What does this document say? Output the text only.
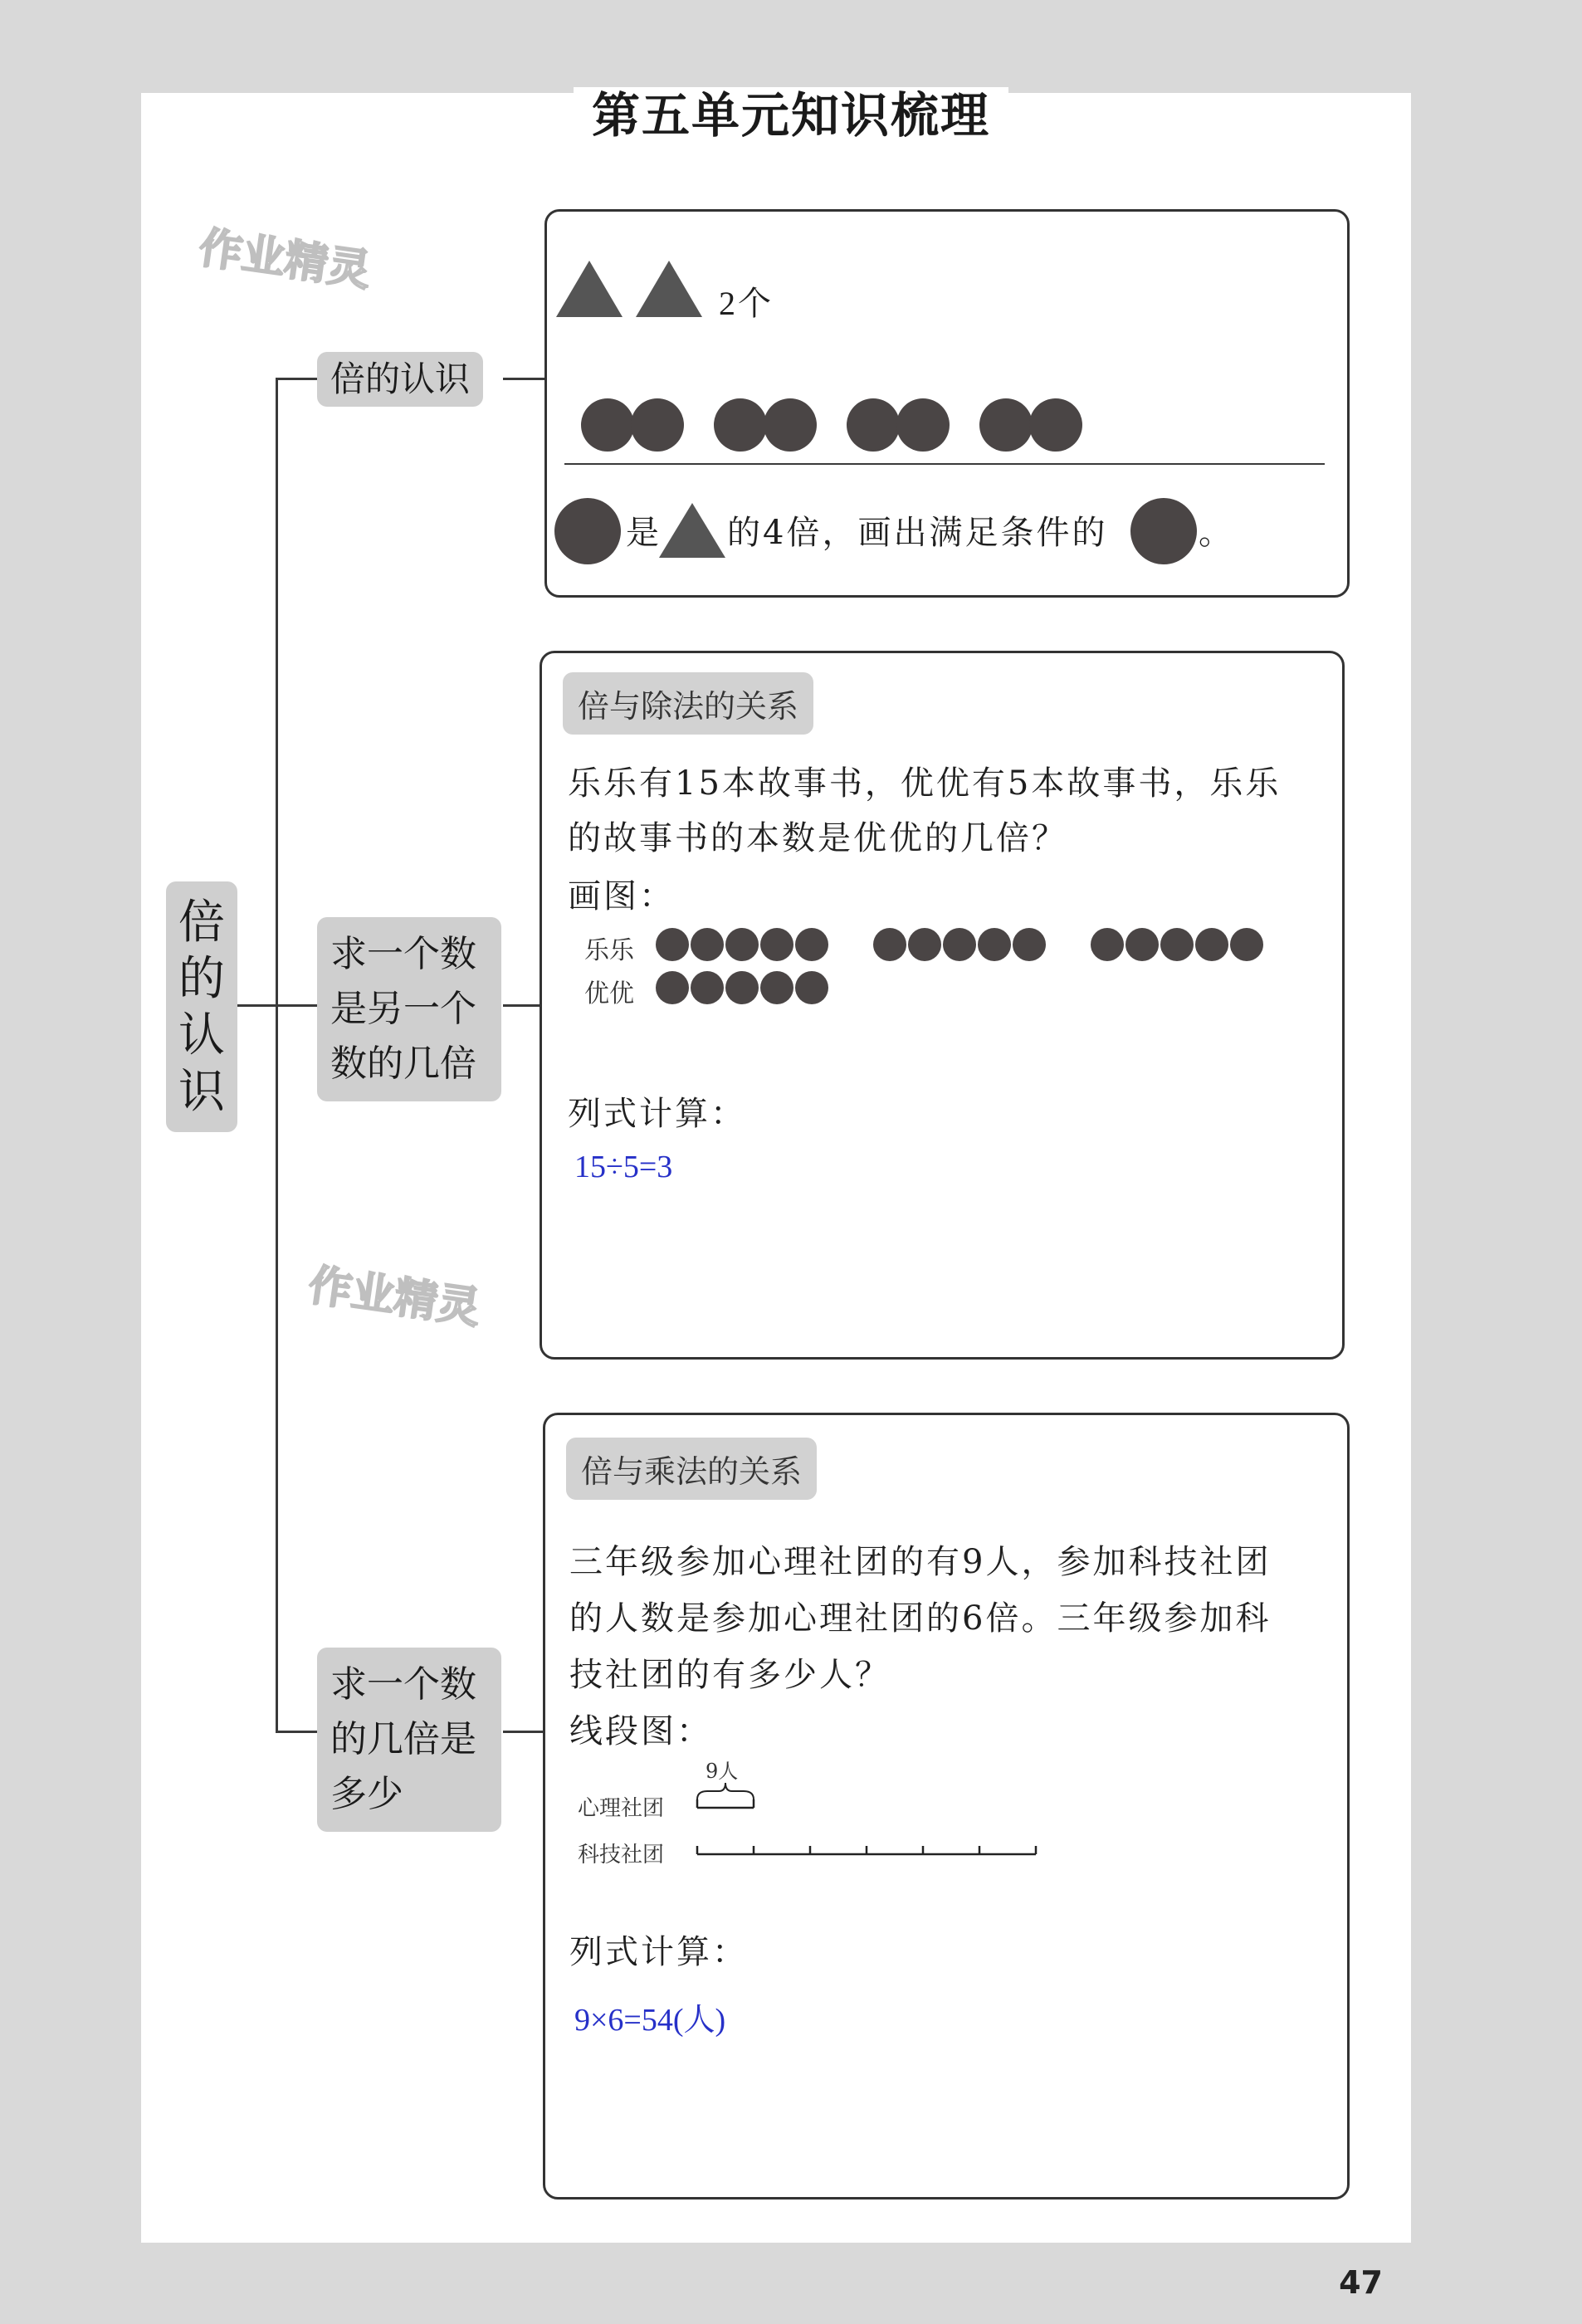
第五单元知识梳理
作业精灵
作业精灵
倍
的
认
识
倍的认识
求一个数
是另一个
数的几倍
求一个数
的几倍是
多少
2个
是 的4倍，画出满足条件的	。
倍与除法的关系
乐乐有15本故事书，优优有5本故事书，乐乐
的故事书的本数是优优的几倍？
画图：
乐乐
优优
列式计算：
15÷5=3
倍与乘法的关系
三年级参加心理社团的有9人，参加科技社团
的人数是参加心理社团的6倍。三年级参加科
技社团的有多少人？
线段图：
9人
心理社团
科技社团
列式计算：
9×6=54(人)
47
